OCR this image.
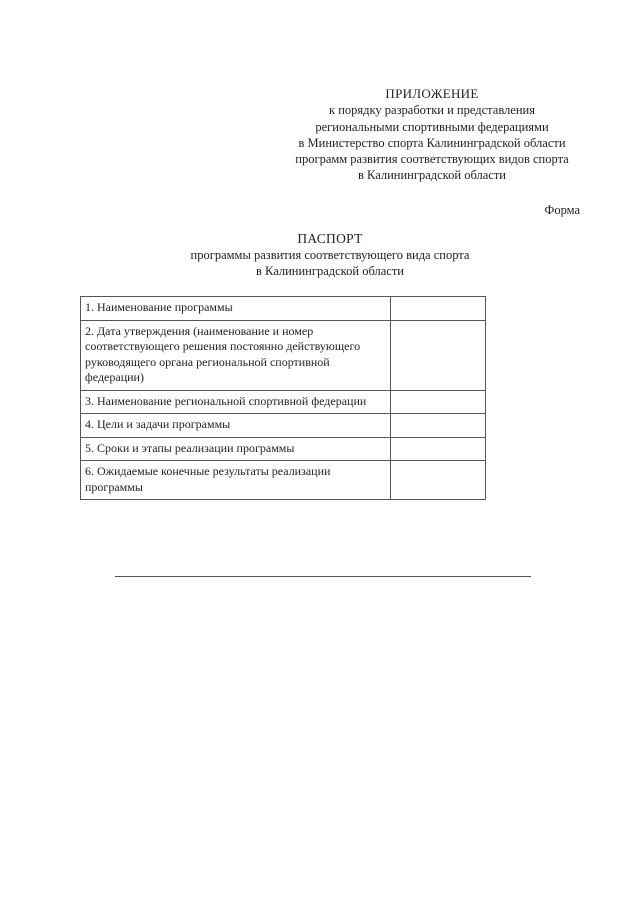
ПРИЛОЖЕНИЕ
к порядку разработки и представления
региональными спортивными федерациями
в Министерство спорта Калининградской области
программ развития соответствующих видов спорта
в Калининградской области
Форма
ПАСПОРТ
программы развития соответствующего вида спорта
в Калининградской области
1. Наименование программы	
2. Дата утверждения (наименование и номер соответствующего решения постоянно действующего руководящего органа региональной спортивной федерации)	
3. Наименование региональной спортивной федерации	
4. Цели и задачи программы	
5. Сроки и этапы реализации программы	
6. Ожидаемые конечные результаты реализации программы	
